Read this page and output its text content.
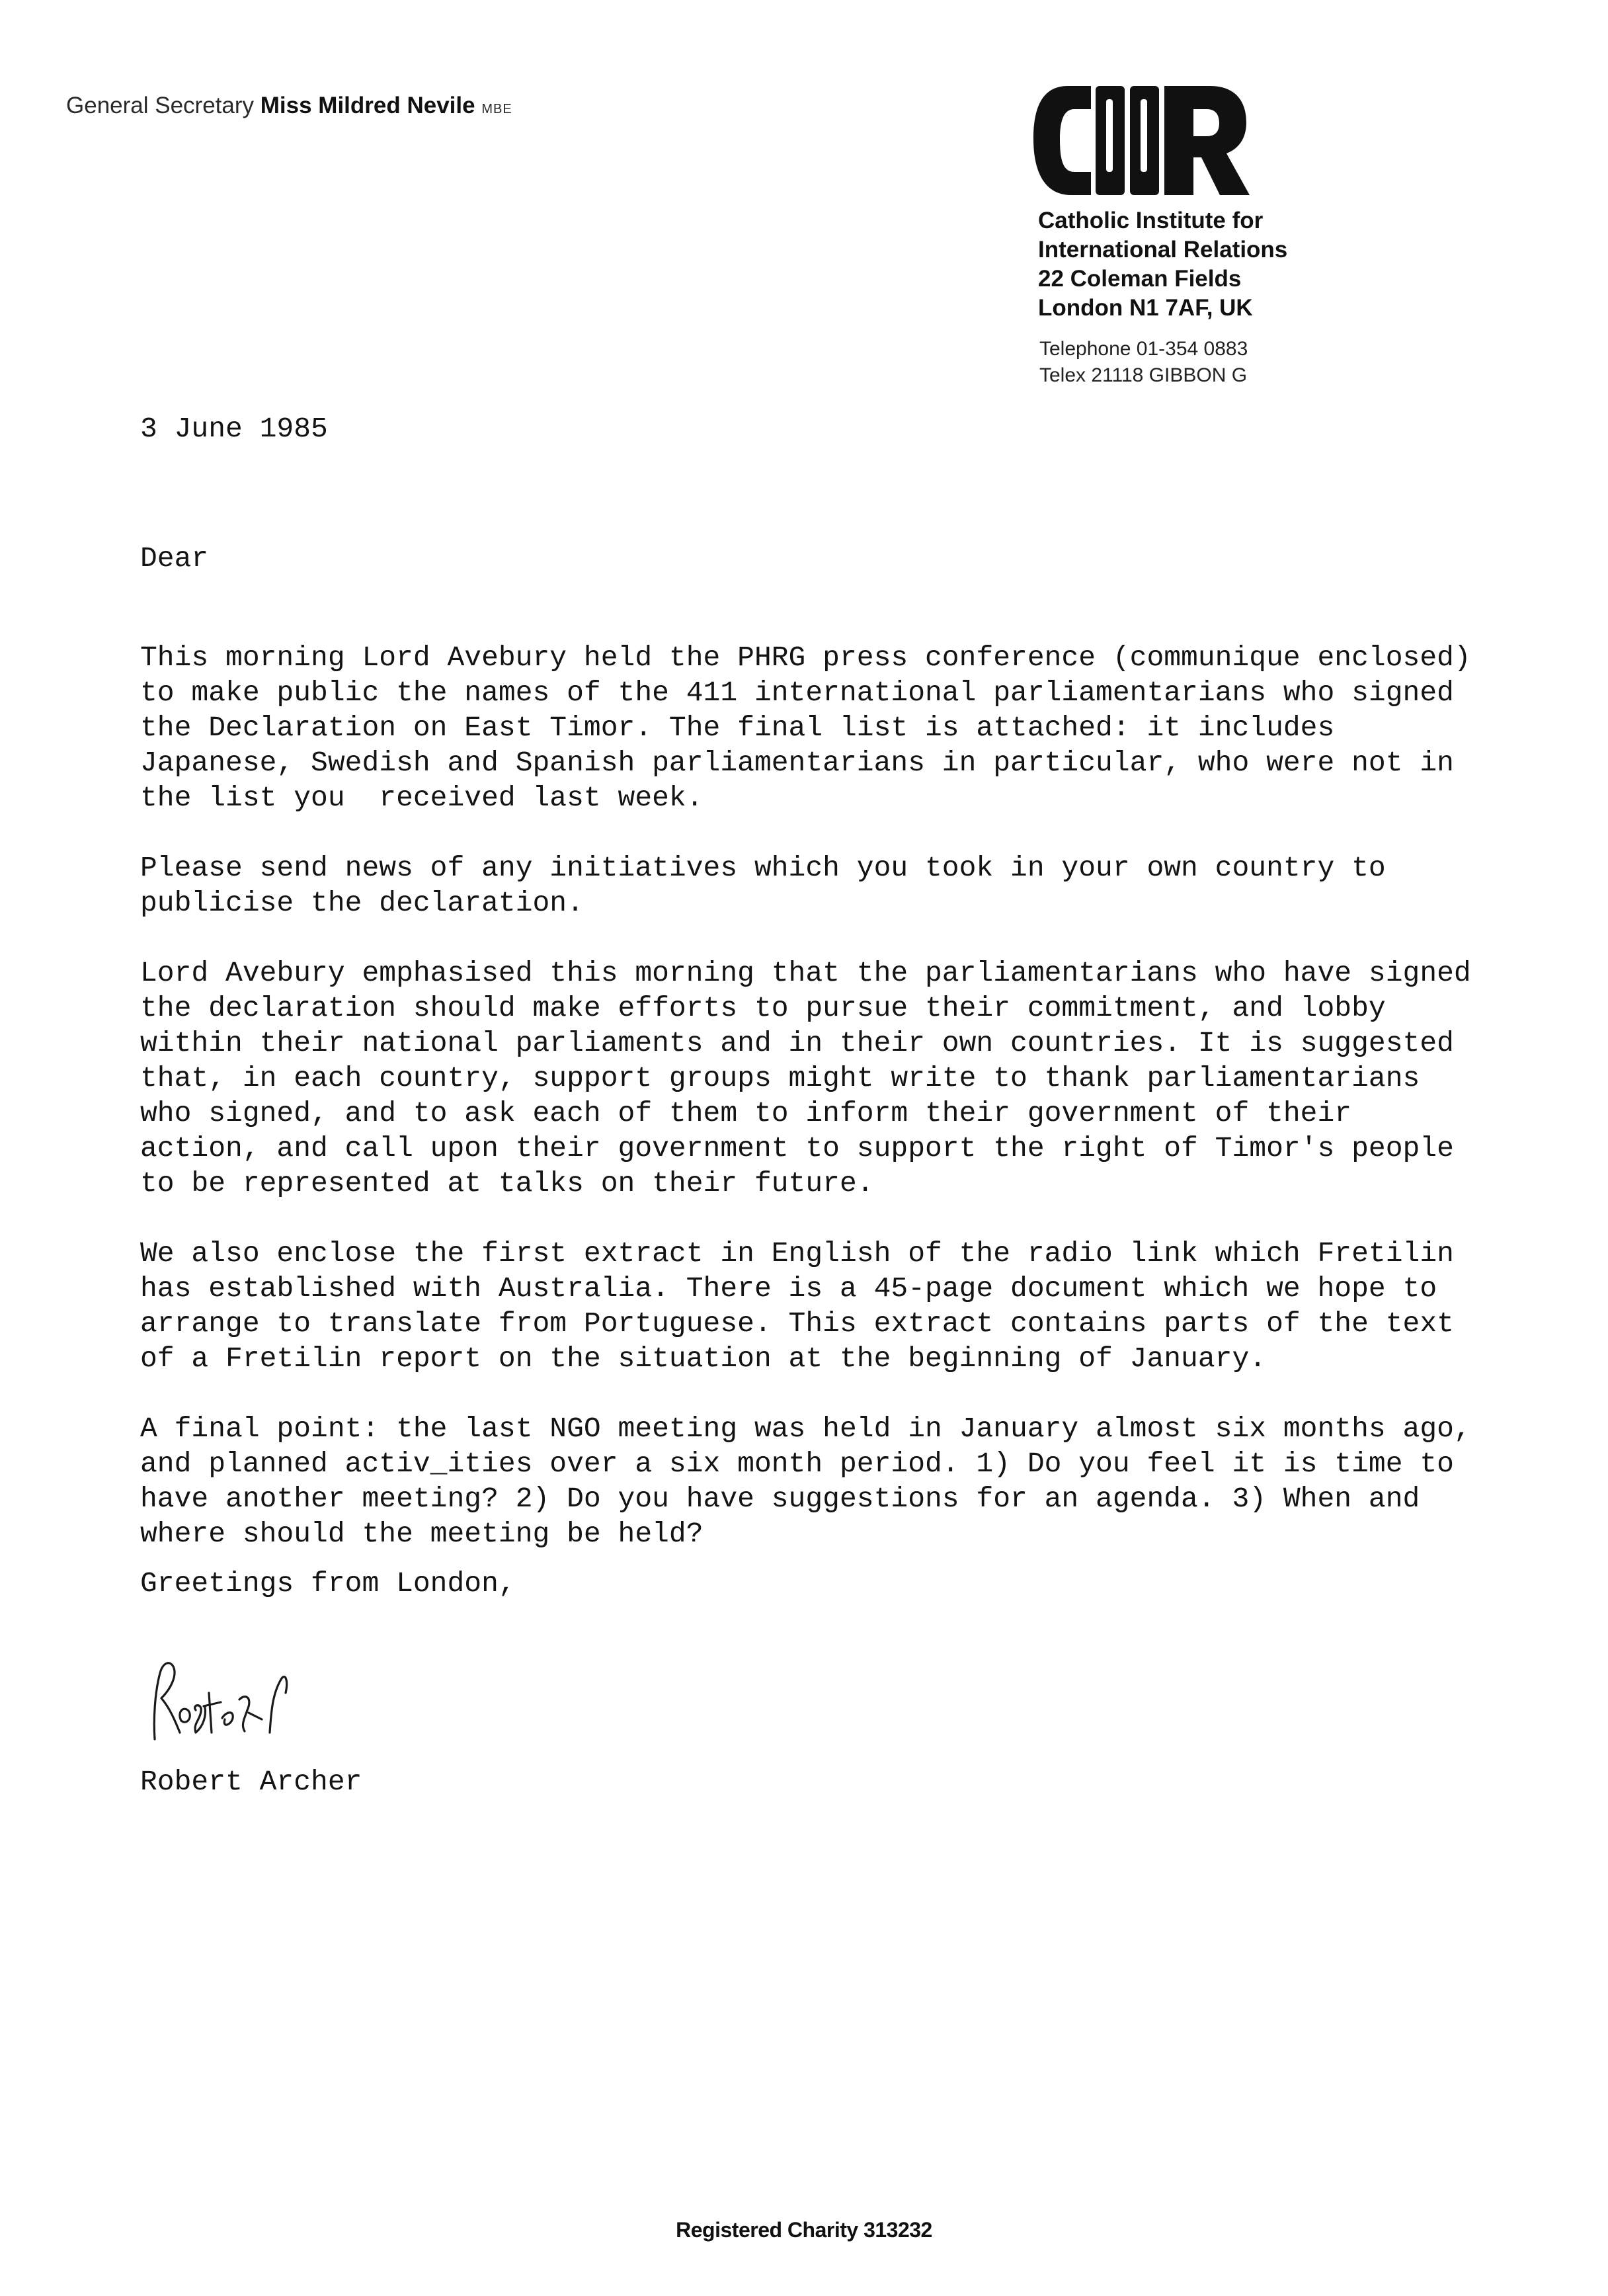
General Secretary Miss Mildred Nevile MBE
CIIR
Catholic Institute for
International Relations
22 Coleman Fields
London N1 7AF, UK
Telephone 01-354 0883
Telex 21118 GIBBON G
3 June 1985
Dear
This morning Lord Avebury held the PHRG press conference (communique enclosed)
to make public the names of the 411 international parliamentarians who signed
the Declaration on East Timor. The final list is attached: it includes
Japanese, Swedish and Spanish parliamentarians in particular, who were not in
the list you  received last week.
Please send news of any initiatives which you took in your own country to
publicise the declaration.
Lord Avebury emphasised this morning that the parliamentarians who have signed
the declaration should make efforts to pursue their commitment, and lobby
within their national parliaments and in their own countries. It is suggested
that, in each country, support groups might write to thank parliamentarians
who signed, and to ask each of them to inform their government of their
action, and call upon their government to support the right of Timor's people
to be represented at talks on their future.
We also enclose the first extract in English of the radio link which Fretilin
has established with Australia. There is a 45-page document which we hope to
arrange to translate from Portuguese. This extract contains parts of the text
of a Fretilin report on the situation at the beginning of January.
A final point: the last NGO meeting was held in January almost six months ago,
and planned activ_ities over a six month period. 1) Do you feel it is time to
have another meeting? 2) Do you have suggestions for an agenda. 3) When and
where should the meeting be held?
Greetings from London,
Robert
Robert Archer
Registered Charity 313232
